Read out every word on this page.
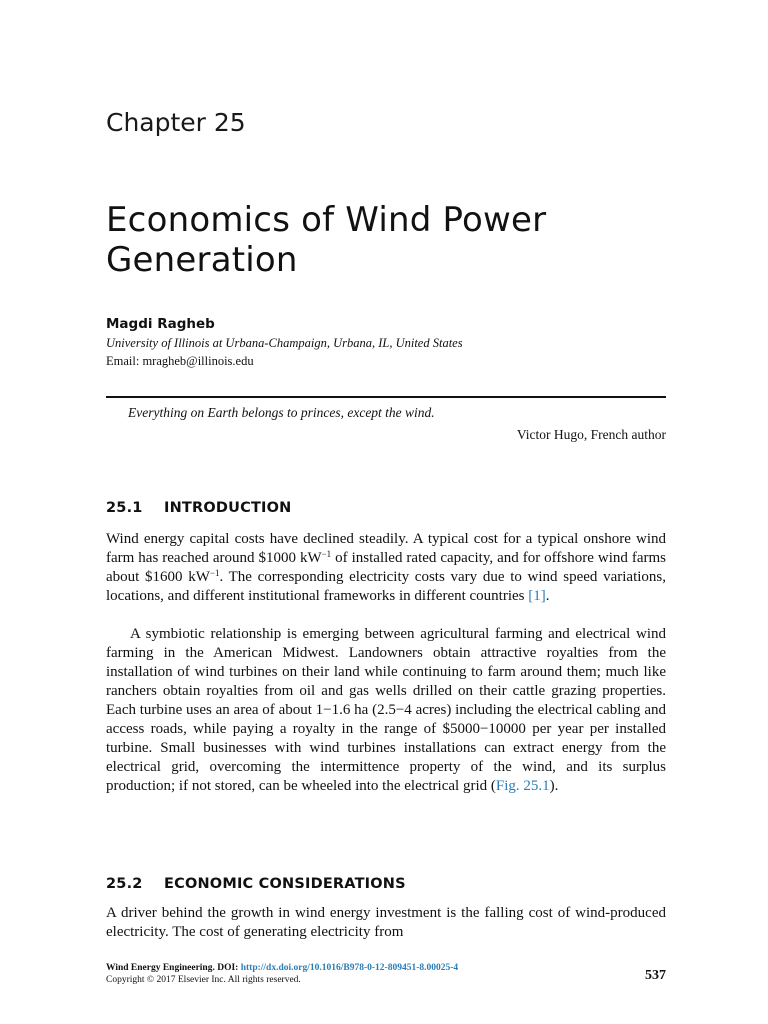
Chapter 25
Economics of Wind Power Generation
Magdi Ragheb
University of Illinois at Urbana-Champaign, Urbana, IL, United States
Email: mragheb@illinois.edu
Everything on Earth belongs to princes, except the wind.
Victor Hugo, French author
25.1 INTRODUCTION

Wind energy capital costs have declined steadily. A typical cost for a typical onshore wind farm has reached around $1000 $kW^{-1}$ of installed rated capacity, and for offshore wind farms about $1600 $kW^{-1}$. The corresponding electricity costs vary due to wind speed variations, locations, and different institutional frameworks in different countries [1].

A symbiotic relationship is emerging between agricultural farming and electrical wind farming in the American Midwest. Landowners obtain attractive royalties from the installation of wind turbines on their land while continuing to farm around them; much like ranchers obtain royalties from oil and gas wells drilled on their cattle grazing properties. Each turbine uses an area of about 1−1.6 ha (2.5−4 acres) including the electrical cabling and access roads, while paying a royalty in the range of $5000−10000 per year per installed turbine. Small businesses with wind turbines installations can extract energy from the electrical grid, overcoming the intermittence property of the wind, and its surplus production; if not stored, can be wheeled into the electrical grid (Fig. 25.1).

25.2 ECONOMIC CONSIDERATIONS

A driver behind the growth in wind energy investment is the falling cost of wind-produced electricity. The cost of generating electricity from

Wind Energy Engineering. DOI: http://dx.doi.org/10.1016/B978-0-12-809451-8.00025-4
Copyright © 2017 Elsevier Inc. All rights reserved.	537
